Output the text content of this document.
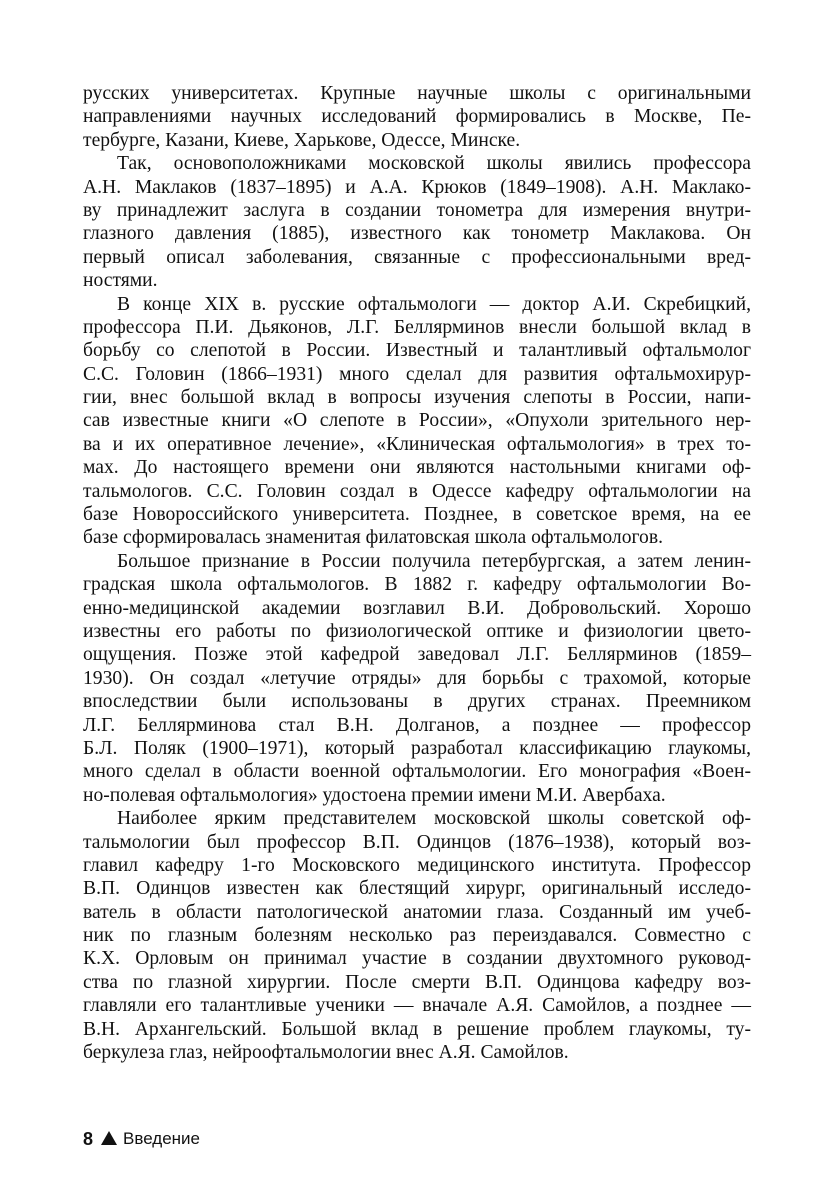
русских университетах. Крупные научные школы с оригинальными
направлениями научных исследований формировались в Москве, Пе-
тербурге, Казани, Киеве, Харькове, Одессе, Минске.
Так, основоположниками московской школы явились профессора
А.Н. Маклаков (1837–1895) и А.А. Крюков (1849–1908). А.Н. Маклако-
ву принадлежит заслуга в создании тонометра для измерения внутри-
глазного давления (1885), известного как тонометр Маклакова. Он
первый описал заболевания, связанные с профессиональными вред-
ностями.
В конце XIX в. русские офтальмологи — доктор А.И. Скребицкий,
профессора П.И. Дьяконов, Л.Г. Беллярминов внесли большой вклад в
борьбу со слепотой в России. Известный и талантливый офтальмолог
С.С. Головин (1866–1931) много сделал для развития офтальмохирур-
гии, внес большой вклад в вопросы изучения слепоты в России, напи-
сав известные книги «О слепоте в России», «Опухоли зрительного нер-
ва и их оперативное лечение», «Клиническая офтальмология» в трех то-
мах. До настоящего времени они являются настольными книгами оф-
тальмологов. С.С. Головин создал в Одессе кафедру офтальмологии на
базе Новороссийского университета. Позднее, в советское время, на ее
базе сформировалась знаменитая филатовская школа офтальмологов.
Большое признание в России получила петербургская, а затем ленин-
градская школа офтальмологов. В 1882 г. кафедру офтальмологии Во-
енно-медицинской академии возглавил В.И. Добровольский. Хорошо
известны его работы по физиологической оптике и физиологии цвето-
ощущения. Позже этой кафедрой заведовал Л.Г. Беллярминов (1859–
1930). Он создал «летучие отряды» для борьбы с трахомой, которые
впоследствии были использованы в других странах. Преемником
Л.Г. Беллярминова стал В.Н. Долганов, а позднее — профессор
Б.Л. Поляк (1900–1971), который разработал классификацию глаукомы,
много сделал в области военной офтальмологии. Его монография «Воен-
но-полевая офтальмология» удостоена премии имени М.И. Авербаха.
Наиболее ярким представителем московской школы советской оф-
тальмологии был профессор В.П. Одинцов (1876–1938), который воз-
главил кафедру 1-го Московского медицинского института. Профессор
В.П. Одинцов известен как блестящий хирург, оригинальный исследо-
ватель в области патологической анатомии глаза. Созданный им учеб-
ник по глазным болезням несколько раз переиздавался. Совместно с
К.Х. Орловым он принимал участие в создании двухтомного руковод-
ства по глазной хирургии. После смерти В.П. Одинцова кафедру воз-
главляли его талантливые ученики — вначале А.Я. Самойлов, а позднее —
В.Н. Архангельский. Большой вклад в решение проблем глаукомы, ту-
беркулеза глаз, нейроофтальмологии внес А.Я. Самойлов.
8 Введение
